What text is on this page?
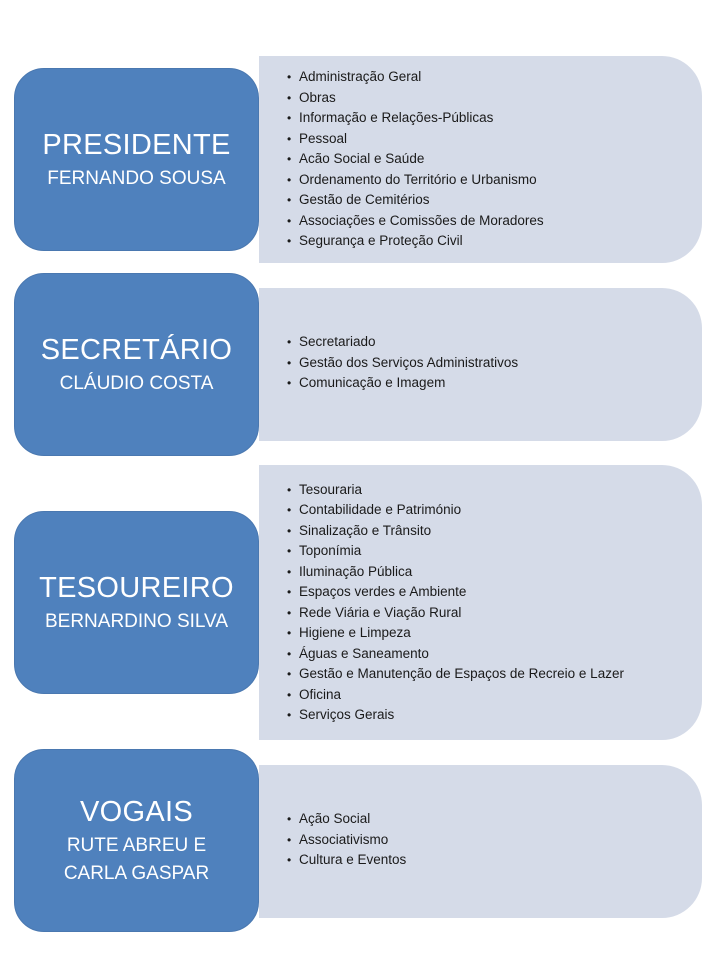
• Administração Geral
• Obras
• Informação e Relações-Públicas
• Pessoal
• Acão Social e Saúde
• Ordenamento do Território e Urbanismo
• Gestão de Cemitérios
• Associações e Comissões de Moradores
• Segurança e Proteção Civil
PRESIDENTE
FERNANDO SOUSA
• Secretariado
• Gestão dos Serviços Administrativos
• Comunicação e Imagem
SECRETÁRIO
CLÁUDIO COSTA
• Tesouraria
• Contabilidade e Património
• Sinalização e Trânsito
• Toponímia
• Iluminação Pública
• Espaços verdes e Ambiente
• Rede Viária e Viação Rural
• Higiene e Limpeza
• Águas e Saneamento
• Gestão e Manutenção de Espaços de Recreio e Lazer
• Oficina
• Serviços Gerais
TESOUREIRO
BERNARDINO SILVA
• Ação Social
• Associativismo
• Cultura e Eventos
VOGAIS
RUTE ABREU E
CARLA GASPAR
